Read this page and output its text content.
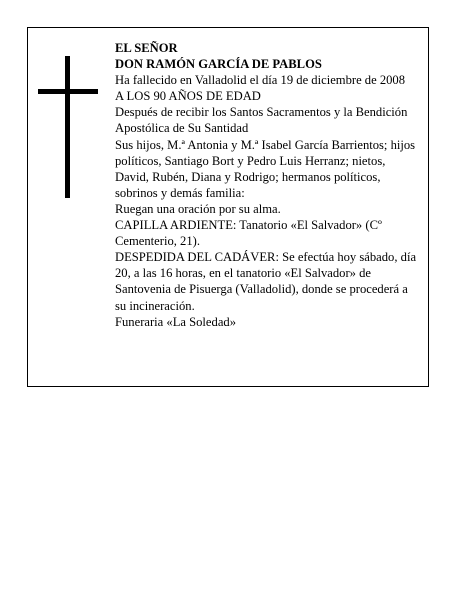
EL SEÑOR

DON RAMÓN GARCÍA DE PABLOS

Ha fallecido en Valladolid el día 19 de diciembre de 2008

A LOS 90 AÑOS DE EDAD

Después de recibir los Santos Sacramentos y la Bendición Apostólica de Su Santidad

Sus hijos, M.ª Antonia y M.ª Isabel García Barrientos; hijos políticos, Santiago Bort y Pedro Luis Herranz; nietos, David, Rubén, Diana y Rodrigo; hermanos políticos, sobrinos y demás familia:

Ruegan una oración por su alma.

CAPILLA ARDIENTE: Tanatorio «El Salvador» (Cº Cementerio, 21).

DESPEDIDA DEL CADÁVER: Se efectúa hoy sábado, día 20, a las 16 horas, en el tanatorio «El Salvador» de Santovenia de Pisuerga (Valladolid), donde se procederá a su incineración.

Funeraria «La Soledad»
